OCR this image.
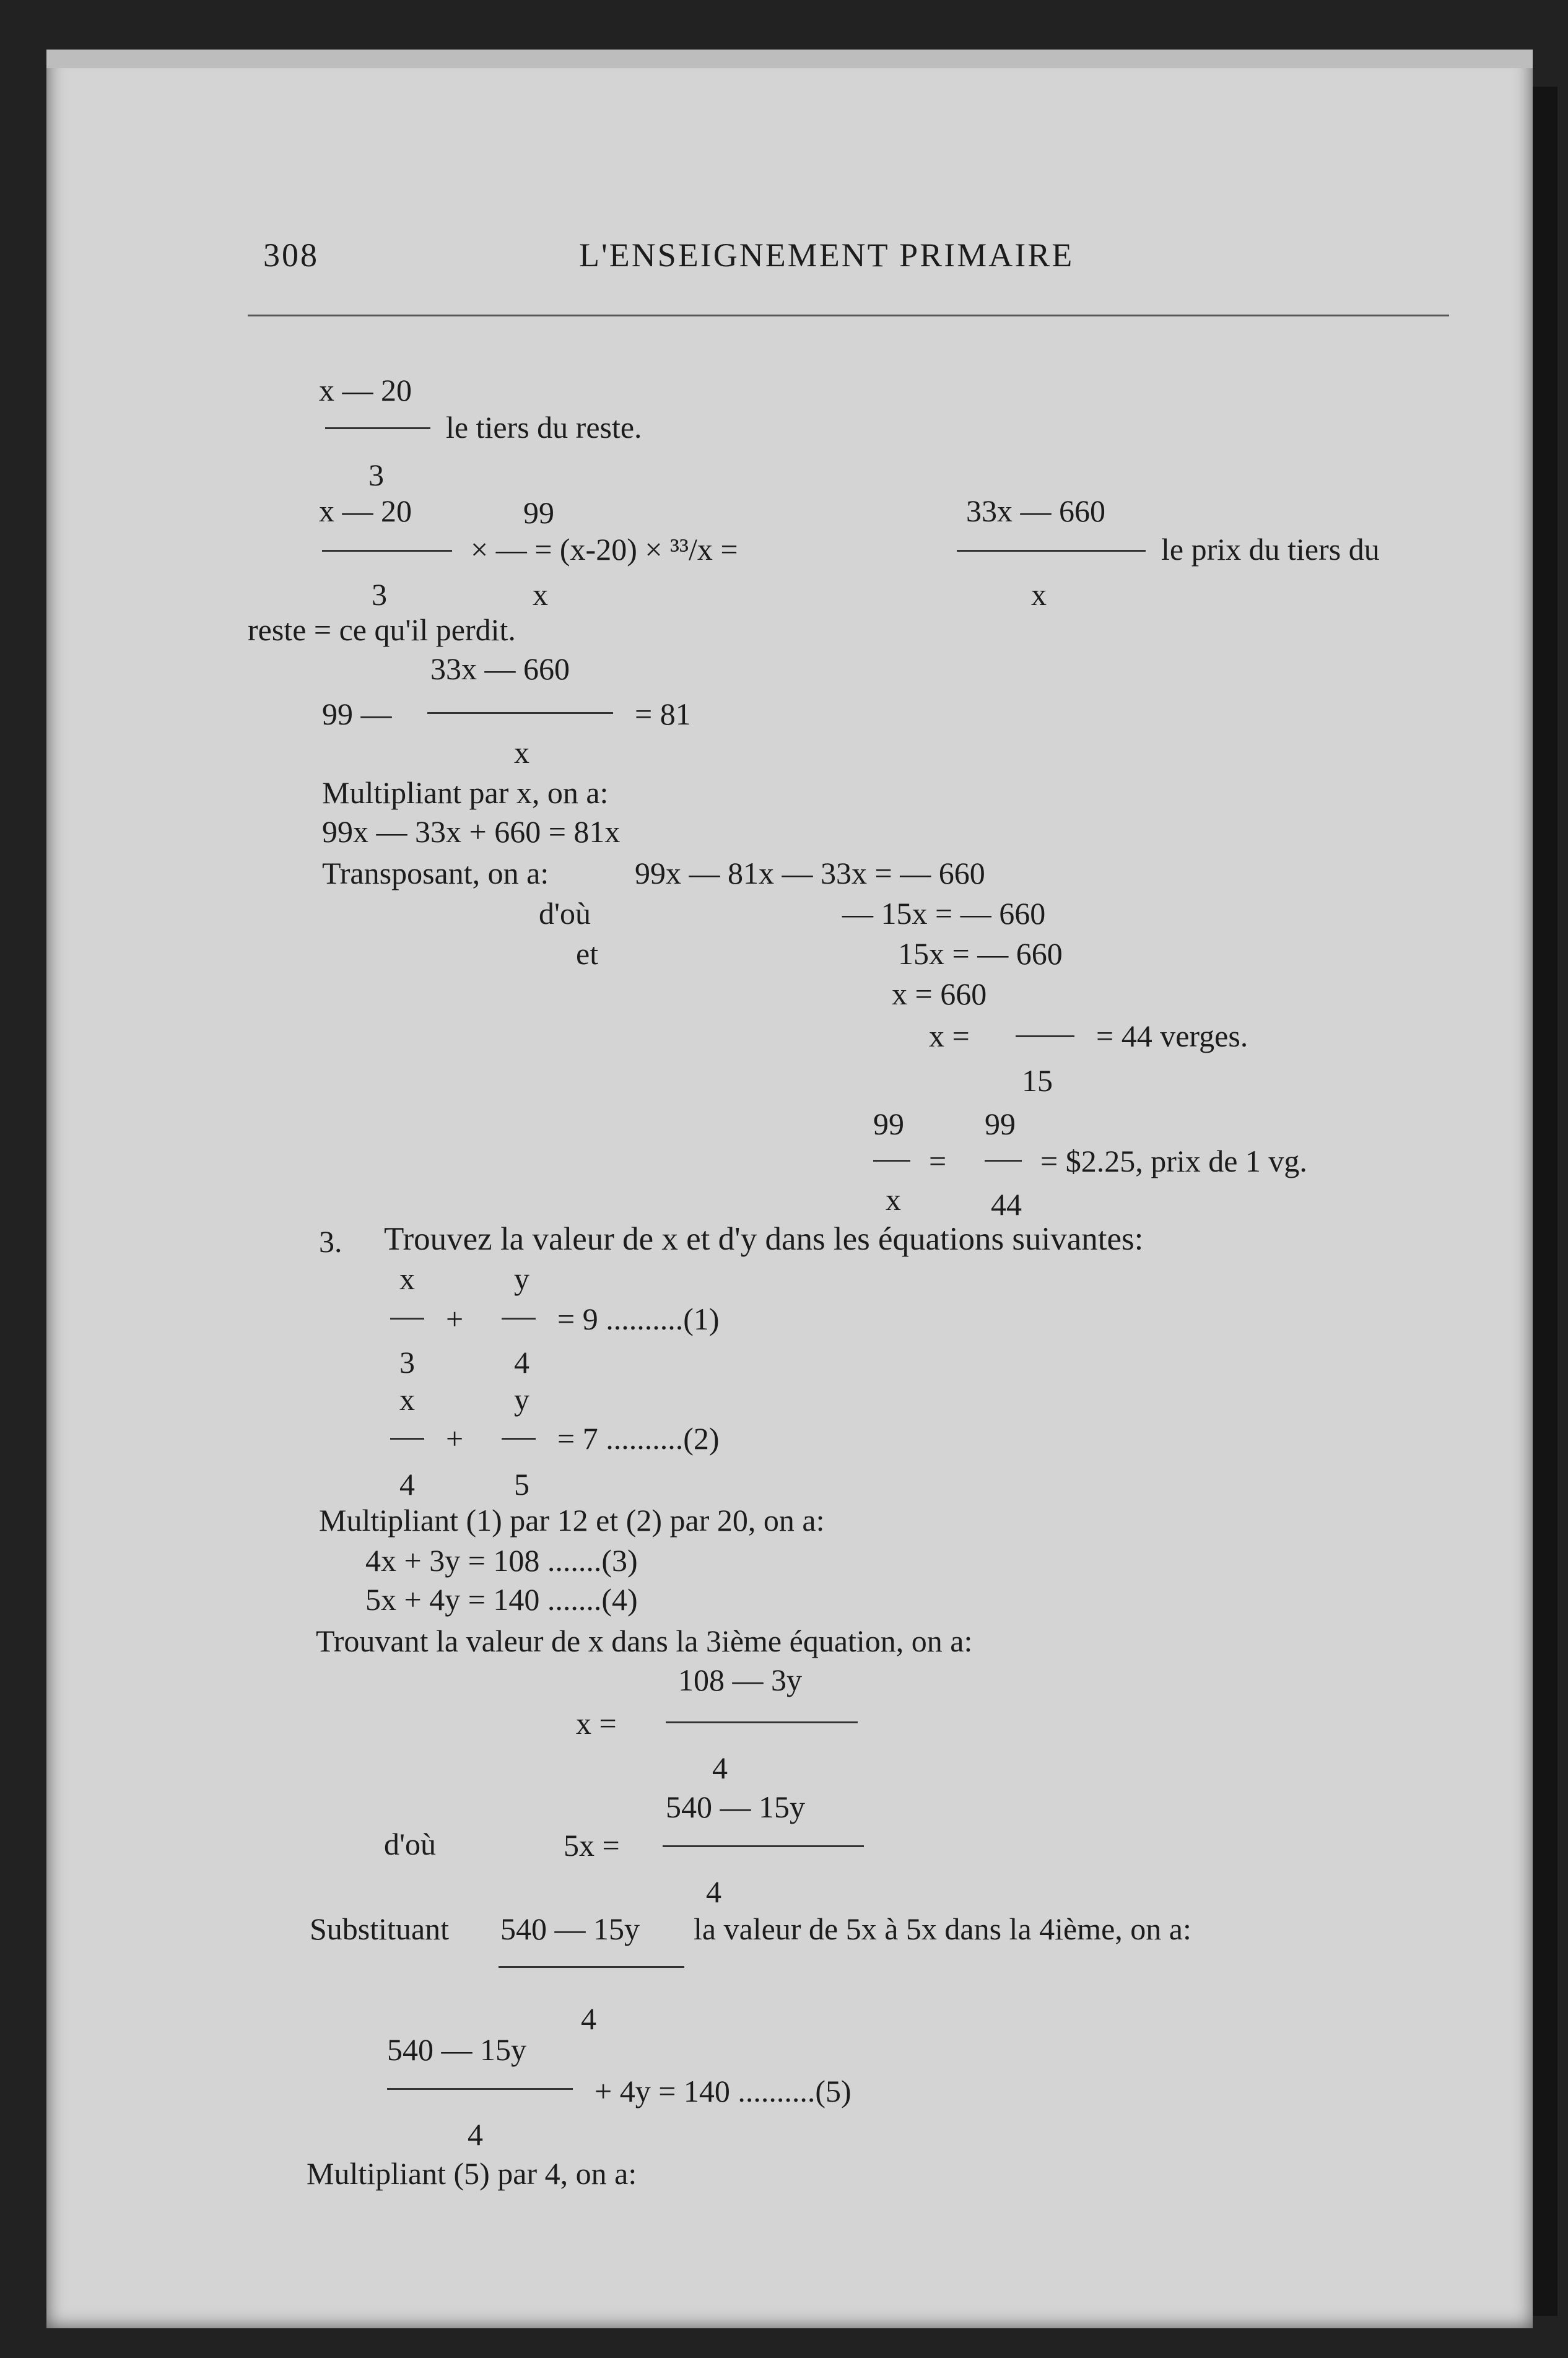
308	L'ENSEIGNEMENT PRIMAIRE
x — 20
le tiers du reste.
3
x — 20	99	33x — 660
× — = (x-20) × ³³/x =	le prix du tiers du
3	x	x
reste = ce qu'il perdit.
33x — 660
99 —	= 81
x
Multipliant par x, on a:
99x — 33x + 660 = 81x
Transposant, on a:	99x — 81x — 33x = — 660
d'où	— 15x = — 660
et	15x = — 660
x = 660
x =	= 44 verges.
15
99	99
=	= $2.25, prix de 1 vg.
x	44
3. Trouvez la valeur de x et d'y dans les équations suivantes:
x	y
+	= 9 ..........(1)
3	4
x	y
+	= 7 ..........(2)
4	5
Multipliant (1) par 12 et (2) par 20, on a:
4x + 3y = 108 .......(3)
5x + 4y = 140 .......(4)
Trouvant la valeur de x dans la 3ième équation, on a:
108 — 3y
x =
4
d'où
540 — 15y
5x =
4
Substituant 540 — 15y la valeur de 5x à 5x dans la 4ième, on a:
4
540 — 15y
+ 4y = 140 ..........(5)
4
Multipliant (5) par 4, on a:
